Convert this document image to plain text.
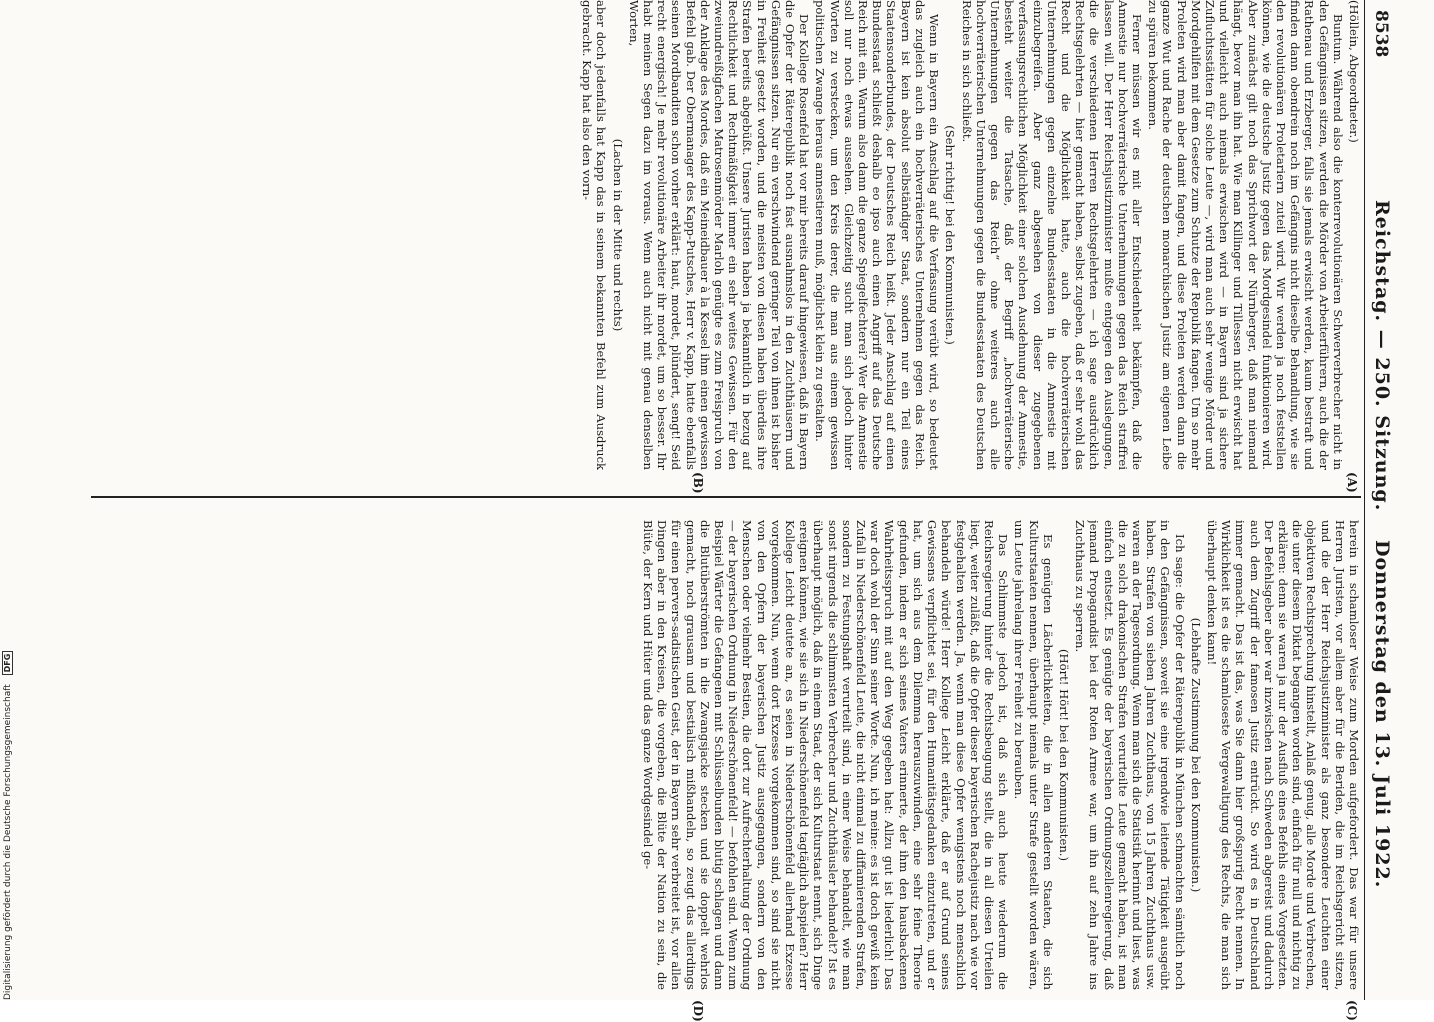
8538
Reichstag. — 250. Sitzung.
Donnerstag den 13. Juli 1922.
(A)
(B)
(C)
(D)

(Höllein, Abgeordneter.)

Buntum. Während also die konterrevolutionären Schwerverbrecher nicht in den Gefängnissen sitzen, werden die Mörder von Arbeiterführern, auch die der Rathenau und Erzberger, falls sie jemals erwischt werden, kaum bestraft und finden dann obendrein noch im Gefängnis nicht dieselbe Behandlung, wie sie den revolutionären Proletariern zuteil wird. Wir werden ja noch feststellen können, wie die deutsche Justiz gegen das Mordgesindel funktionieren wird. Aber zunächst gilt noch das Sprichwort der Nürnberger, daß man niemand hängt, bevor man ihn hat. Wie man Killinger und Tillessen nicht erwischt hat und vielleicht auch niemals erwischen wird — in Bayern sind ja sichere Zufluchtsstätten für solche Leute —, wird man auch sehr wenige Mörder und Mordgehilfen mit dem Gesetze zum Schutze der Republik fangen. Um so mehr Proleten wird man aber damit fangen, und diese Proleten werden dann die ganze Wut und Rache der deutschen monarchischen Justiz am eigenen Leibe zu spüren bekommen.

Ferner müssen wir es mit aller Entschiedenheit bekämpfen, daß die Amnestie nur hochverräterische Unternehmungen gegen das Reich straffrei lassen will. Der Herr Reichsjustizminister mußte entgegen den Auslegungen, die die verschiedenen Herren Rechtsgelehrten — ich sage ausdrücklich Rechtsgelehrten — hier gemacht haben, selbst zugeben, daß er sehr wohl das Recht und die Möglichkeit hatte, auch die hochverräterischen Unternehmungen gegen einzelne Bundesstaaten in die Amnestie mit einzubegreifen. Aber ganz abgesehen von dieser zugegebenen verfassungsrechtlichen Möglichkeit einer solchen Ausdehnung der Amnestie, besteht weiter die Tatsache, daß der Begriff „hochverräterische Unternehmungen gegen das Reich“ ohne weiteres auch alle hochverräterischen Unternehmungen gegen die Bundesstaaten des Deutschen Reiches in sich schließt.

(Sehr richtig! bei den Kommunisten.)

Wenn in Bayern ein Anschlag auf die Verfassung verübt wird, so bedeutet das zugleich auch ein hochverräterisches Unternehmen gegen das Reich. Bayern ist kein absolut selbständiger Staat, sondern nur ein Teil eines Staatensonderbundes, der Deutsches Reich heißt. Jeder Anschlag auf einen Bundesstaat schließt deshalb eo ipso auch einen Angriff auf das Deutsche Reich mit ein. Warum also dann die ganze Spiegelfechterei? Wer die Amnestie soll nur noch etwas aussehen. Gleichzeitig sucht man sich jedoch hinter Worten zu verstecken, um den Kreis derer, die man aus einem gewissen politischen Zwange heraus amnestieren muß, möglichst klein zu gestalten.

Der Kollege Rosenfeld hat vor mir bereits darauf hingewiesen, daß in Bayern die Opfer der Räterepublik noch fast ausnahmslos in den Zuchthäusern und Gefängnissen sitzen. Nur ein verschwindend geringer Teil von ihnen ist bisher in Freiheit gesetzt worden, und die meisten von diesen haben überdies ihre Strafen bereits abgebüßt. Unsere Juristen haben ja bekanntlich in bezug auf Rechtlichkeit und Rechtmäßigkeit immer ein sehr weites Gewissen. Für den zweiundreißigfachen Matrosenmörder Marloh genügte es zum Freispruch von der Anklage des Mordes, daß ein Meineidbauer à la Kessel ihm einen gewissen Befehl gab. Der Obermanager des Kapp-Putsches, Herr v. Kapp, hatte ebenfalls seinen Mordbanditen schon vorher erklärt: haut, mordet, plündert, sengt! Seid recht energisch! Je mehr revolutionäre Arbeiter ihr mordet, um so besser. Ihr habt meinen Segen dazu im voraus. Wenn auch nicht mit genau denselben Worten,

(Lachen in der Mitte und rechts)

aber doch jedenfalls hat Kapp das in seinem bekannten Befehl zum Ausdruck gebracht. Kapp hat also den vorn-

herein in schamloser Weise zum Morden aufgefordert. Das war für unsere Herren Juristen, vor allem aber für die Beriden, die im Reichsgericht sitzen, und die der Herr Reichsjustizminister als ganz besondere Leuchten einer objektiven Rechtsprechung hinstellt, Anlaß genug, alle Morde und Verbrechen, die unter diesem Diktat begangen worden sind, einfach für null und nichtig zu erklären: denn sie waren ja nur der Ausfluß eines Befehls eines Vorgesetzten. Der Befehlsgeber aber war inzwischen nach Schweden abgereist und dadurch auch dem Zugriff der famosen Justiz entrückt. So wird es in Deutschland immer gemacht. Das ist das, was Sie dann hier großspurig Recht nennen. In Wirklichkeit ist es die schamloseste Vergewaltigung des Rechts, die man sich überhaupt denken kann!

(Lebhafte Zustimmung bei den Kommunisten.)

Ich sage: die Opfer der Räterepublik in München schmachten sämtlich noch in den Gefängnissen, soweit sie eine irgendwie leitende Tätigkeit ausgeübt haben. Strafen von sieben Jahren Zuchthaus, von 15 Jahren Zuchthaus usw. waren an der Tagesordnung. Wenn man sich die Statistik herinnt und liest, was die zu solch drakonischen Strafen verurteilte Leute gemacht haben, ist man einfach entsetzt. Es genügte der bayerischen Ordnungszellenregierung, daß jemand Propagandist bei der Roten Armee war, um ihn auf zehn Jahre ins Zuchthaus zu sperren.

(Hört! Hört! bei den Kommunisten.)

Es genügten Lächerlichkeiten, die in allen anderen Staaten, die sich Kulturstaaten nennen, überhaupt niemals unter Strafe gestellt worden wären, um Leute jahrelang ihrer Freiheit zu berauben.

Das Schlimmste jedoch ist, daß sich auch heute wiederum die Reichsregierung hinter die Rechtsbeugung stellt, die in all diesen Urteilen liegt, weiter zuläßt, daß die Opfer dieser bayerischen Rachejustiz nach wie vor festgehalten werden. Ja, wenn man diese Opfer wenigstens noch menschlich behandeln würde! Herr Kollege Leicht erklärte, daß er auf Grund seines Gewissens verpflichtet sei, für den Humanitätsgedanken einzutreten, und er hat, um sich aus dem Dilemma herauszuwinden, eine sehr feine Theorie gefunden, indem er sich seines Vaters erinnerte, der ihm den hausbackenen Wahrheitsspruch mit auf den Weg gegeben hat: Allzu gut ist liederlich! Das war doch wohl der Sinn seiner Worte. Nun, ich meine: es ist doch gewiß kein Zufall in Niederschönenfeld Leute, die nicht einmal zu diffamierenden Strafen, sondern zu Festungshaft verurteilt sind, in einer Weise behandelt, wie man sonst nirgends die schlimmsten Verbrecher und Zuchthäusler behandelt? Ist es überhaupt möglich, daß in einem Staat, der sich Kulturstaat nennt, sich Dinge ereignen können, wie sie sich in Niederschönenfeld tagtäglich abspielen? Herr Kollege Leicht deutete an, es seien in Niederschönenfeld allerhand Exzesse vorgekommen. Nun, wenn dort Exzesse vorgekommen sind, so sind sie nicht von den Opfern der bayerischen Justiz ausgegangen, sondern von den Menschen oder vielmehr Bestien, die dort zur Aufrechterhaltung der Ordnung — der bayerischen Ordnung in Niederschönenfeld! — befohlen sind. Wenn zum Beispiel Wärter die Gefangenen mit Schlüsselbunden blutig schlagen und dann die Blutüberströmten in die Zwangsjacke stecken und sie doppelt wehrlos gemacht, noch grausam und bestialisch mißhandeln, so zeugt das allerdings für einen pervers-sadistischen Geist, der in Bayern sehr verbreitet ist, vor allen Dingen aber in den Kreisen, die vorgeben, die Blüte der Nation zu sein, die Blüte, der Kern und Hüter und das ganze Wordgesindel ge-

Digitalisierung gefördert durch die Deutsche Forschungsgemeinschaft DFG
